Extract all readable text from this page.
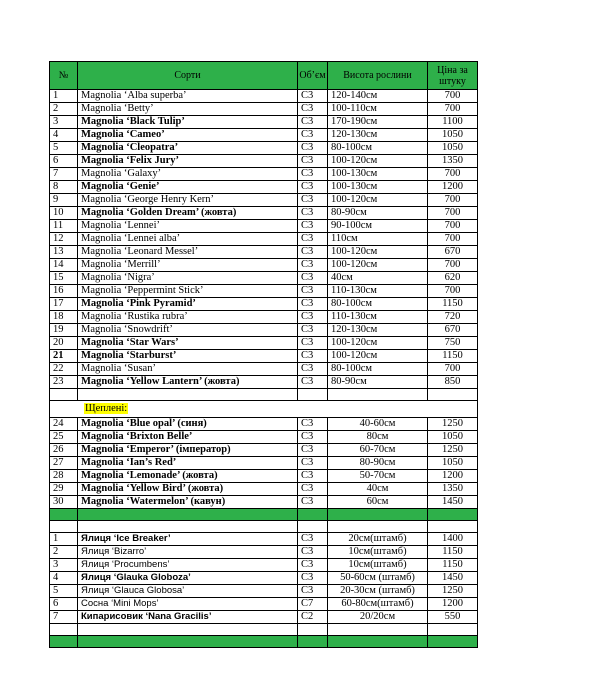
№	Сорти	Об’єм	Висота рослини	Ціна за штуку
1	Magnolia ‘Alba superba’	C3	120-140см	700
2	Magnolia ‘Betty’	C3	100-110см	700
3	Magnolia ‘Black Tulip’	C3	170-190см	1100
4	Magnolia ‘Cameo’	C3	120-130см	1050
5	Magnolia ‘Cleopatra’	C3	80-100см	1050
6	Magnolia ‘Felix Jury’	C3	100-120см	1350
7	Magnolia ‘Galaxy’	C3	100-130см	700
8	Magnolia ‘Genie’	C3	100-130см	1200
9	Magnolia ‘George Henry Kern’	C3	100-120см	700
10	Magnolia ‘Golden Dream’ (жовта)	C3	80-90см	700
11	Magnolia ‘Lennei’	C3	90-100см	700
12	Magnolia ‘Lennei alba’	C3	110см	700
13	Magnolia ‘Leonard Messel’	C3	100-120см	670
14	Magnolia ‘Merrill’	C3	100-120см	700
15	Magnolia ‘Nigra’	C3	40см	620
16	Magnolia ‘Peppermint Stick’	C3	110-130см	700
17	Magnolia ‘Pink Pyramid’	C3	80-100см	1150
18	Magnolia ‘Rustika rubra’	C3	110-130см	720
19	Magnolia ‘Snowdrift’	C3	120-130см	670
20	Magnolia ‘Star Wars’	C3	100-120см	750
21	Magnolia ‘Starburst’	C3	100-120см	1150
22	Magnolia ‘Susan’	C3	80-100см	700
23	Magnolia ‘Yellow Lantern’ (жовта)	C3	80-90см	850

Щеплені:				
24	Magnolia ‘Blue opal’ (синя)	C3	40-60см	1250
25	Magnolia ‘Brixton Belle’	C3	80см	1050
26	Magnolia ‘Emperor’ (імператор)	C3	60-70см	1250
27	Magnolia ‘Ian’s Red’	C3	80-90см	1050
28	Magnolia ‘Lemonade’ (жовта)	C3	50-70см	1200
29	Magnolia ‘Yellow Bird’ (жовта)	C3	40см	1350
30	Magnolia ‘Watermelon’ (кавун)	C3	60см	1450

1	Ялиця ‘Ice Breaker’	C3	20см(штамб)	1400
2	Ялиця ‘Bizarro’	C3	10см(штамб)	1150
3	Ялиця ‘Procumbens’	C3	10см(штамб)	1150
4	Ялиця ‘Glauka Globoza’	C3	50-60см (штамб)	1450
5	Ялиця ‘Glauca Globosa’	C3	20-30см (штамб)	1250
6	Сосна ‘Mini Mops’	C7	60-80см(штамб)	1200
7	Кипарисовик ‘Nana Gracilis’	C2	20/20см	550
